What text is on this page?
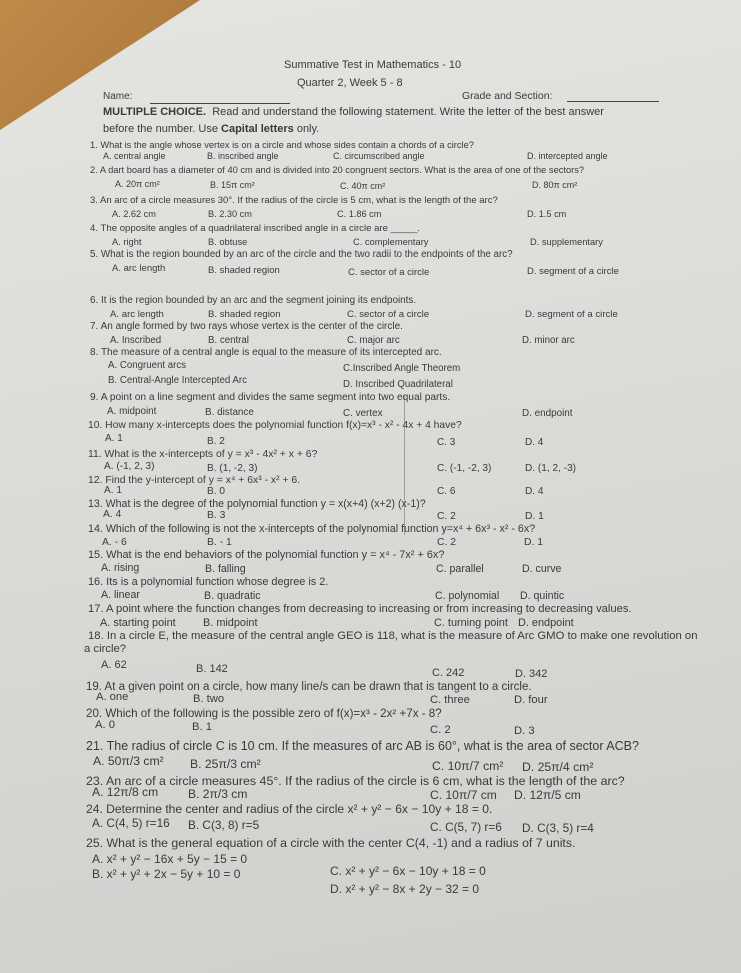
Summative Test in Mathematics - 10
Quarter 2, Week 5 - 8
Name:	Grade and Section:
MULTIPLE CHOICE. Read and understand the following statement. Write the letter of the best answer
before the number. Use Capital letters only.
1. What is the angle whose vertex is on a circle and whose sides contain a chords of a circle?
A. central angle	B. inscribed angle	C. circumscribed angle	D. intercepted angle
2. A dart board has a diameter of 40 cm and is divided into 20 congruent sectors. What is the area of one of the sectors?
A. 20π cm²	B. 15π cm²	C. 40π cm²	D. 80π cm²
3. An arc of a circle measures 30°. If the radius of the circle is 5 cm, what is the length of the arc?
A. 2.62 cm	B. 2.30 cm	C. 1.86 cm	D. 1.5 cm
4. The opposite angles of a quadrilateral inscribed angle in a circle are _____.
A. right	B. obtuse	C. complementary	D. supplementary
5. What is the region bounded by an arc of the circle and the two radii to the endpoints of the arc?
A. arc length	B. shaded region	C. sector of a circle	D. segment of a circle
6. It is the region bounded by an arc and the segment joining its endpoints.
A. arc length	B. shaded region	C. sector of a circle	D. segment of a circle
7. An angle formed by two rays whose vertex is the center of the circle.
A. Inscribed	B. central	C. major arc	D. minor arc
8. The measure of a central angle is equal to the measure of its intercepted arc.
A. Congruent arcs
B. Central-Angle Intercepted Arc
C.Inscribed Angle Theorem
D. Inscribed Quadrilateral
9. A point on a line segment and divides the same segment into two equal parts.
A. midpoint	B. distance	C. vertex	D. endpoint
10. How many x-intercepts does the polynomial function f(x)=x³ - x² - 4x + 4 have?
A. 1	B. 2	C. 3	D. 4
11. What is the x-intercepts of y = x³ - 4x² + x + 6?
A. (-1, 2, 3)	B. (1, -2, 3)	C. (-1, -2, 3)	D. (1, 2, -3)
12. Find the y-intercept of y = x⁴ + 6x³ - x² + 6.
A. 1	B. 0	C. 6	D. 4
13. What is the degree of the polynomial function y = x(x+4) (x+2) (x-1)?
A. 4	B. 3	C. 2	D. 1
14. Which of the following is not the x-intercepts of the polynomial function y=x⁴ + 6x³ - x² - 6x?
A. - 6	B. - 1	C. 2	D. 1
15. What is the end behaviors of the polynomial function y = x⁴ - 7x² + 6x?
A. rising	B. falling	C. parallel	D. curve
16. Its is a polynomial function whose degree is 2.
A. linear	B. quadratic	C. polynomial D. quintic
17. A point where the function changes from decreasing to increasing or from increasing to decreasing values.
A. starting point	B. midpoint	C. turning point D. endpoint
18. In a circle E, the measure of the central angle GEO is 118, what is the measure of Arc GMO to make one revolution on
a circle?
A. 62	B. 142	C. 242	D. 342
19. At a given point on a circle, how many line/s can be drawn that is tangent to a circle.
A. one	B. two	C. three	D. four
20. Which of the following is the possible zero of f(x)=x³ - 2x² +7x - 8?
A. 0	B. 1	C. 2	D. 3
21. The radius of circle C is 10 cm. If the measures of arc AB is 60°, what is the area of sector ACB?
A. 50π/3 cm² B. 25π/3 cm²	C. 10π/7 cm² D. 25π/4 cm²
23. An arc of a circle measures 45°. If the radius of the circle is 6 cm, what is the length of the arc?
A. 12π/8 cm B. 2π/3 cm	C. 10π/7 cm D. 12π/5 cm
24. Determine the center and radius of the circle x² + y² − 6x − 10y + 18 = 0.
A. C(4, 5) r=16 B. C(3, 8) r=5	C. C(5, 7) r=6 D. C(3, 5) r=4
25. What is the general equation of a circle with the center C(4, -1) and a radius of 7 units.
A. x² + y² − 16x + 5y − 15 = 0
B. x² + y² + 2x − 5y + 10 = 0	C. x² + y² − 6x − 10y + 18 = 0
D. x² + y² − 8x + 2y − 32 = 0
